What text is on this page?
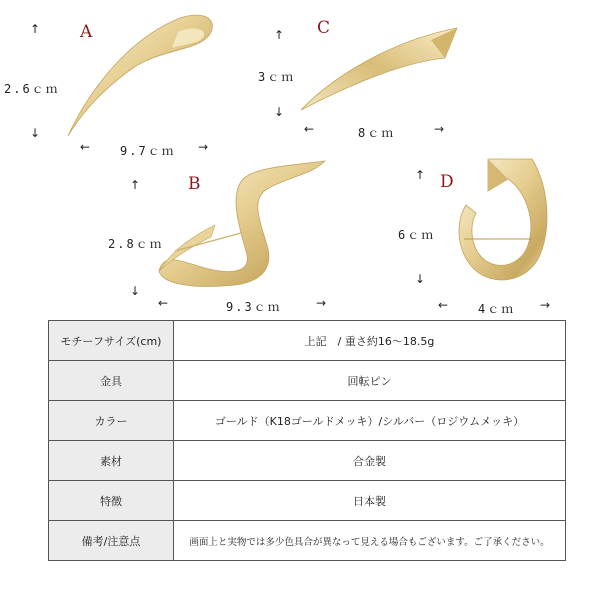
↑ A
2.6ｃｍ
↓
← 9.7ｃｍ →
C
↑
3ｃｍ
↓
←	8ｃｍ	→
↑	B
2.8ｃｍ
↓
←	9.3ｃｍ	→
D
↑
6ｃｍ
↓
← 4ｃｍ →
モチーフサイズ(cm)	上記　/ 重さ約16〜18.5g
金具	回転ピン
カラー	ゴールド（K18ゴールドメッキ）/シルバー（ロジウムメッキ）
素材	合金製
特徴	日本製
備考/注意点	画面上と実物では多少色具合が異なって見える場合もございます。ご了承ください。
